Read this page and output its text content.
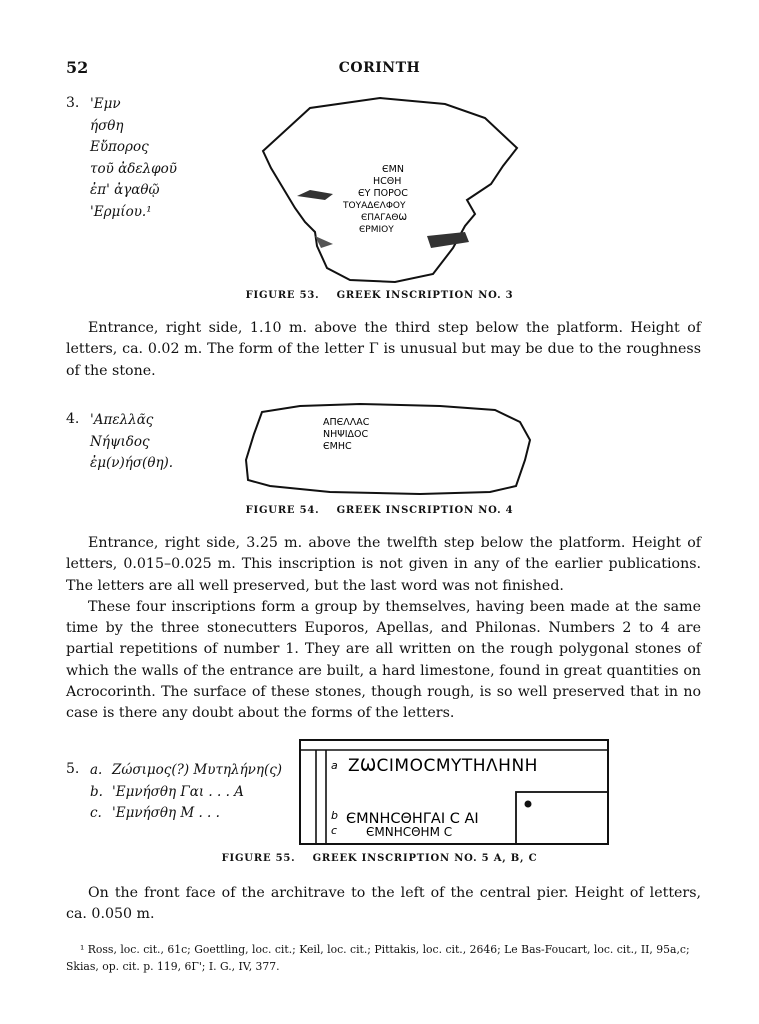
52	CORINTH
3. 'Εμν
ήσθη
Εὔπορος
τοῦ ἀδελφοῦ
ἐπ' ἀγαθῷ
'Ερμίου.¹
ЄΜΝ
ΗϹΘΗ
ЄΥ ΠΟΡΟϹ
ΤΟΥΑΔЄΛΦΟΥ
ЄΠΑΓΑΘѠ
ЄΡΜΙΟΥ
FIGURE 53. GREEK INSCRIPTION NO. 3

Entrance, right side, 1.10 m. above the third step below the platform. Height of letters, ca. 0.02 m. The form of the letter Γ is unusual but may be due to the roughness of the stone.

4. 'Απελλᾶς
Νήψιδος
ἐμ(ν)ήσ(θη).
ΑΠЄΛΛΑϹ
ΝΗΨΙΔΟϹ
ЄΜΗϹ
FIGURE 54. GREEK INSCRIPTION NO. 4

Entrance, right side, 3.25 m. above the twelfth step below the platform. Height of letters, 0.015–0.025 m. This inscription is not given in any of the earlier publications. The letters are all well preserved, but the last word was not finished.

These four inscriptions form a group by themselves, having been made at the same time by the three stonecutters Euporos, Apellas, and Philonas. Numbers 2 to 4 are partial repetitions of number 1. They are all written on the rough polygonal stones of which the walls of the entrance are built, a hard limestone, found in great quantities on Acrocorinth. The surface of these stones, though rough, is so well preserved that in no case is there any doubt about the forms of the letters.

5. a. Ζώσιμος(?) Μυτηλήνη(ς)
b. 'Εμνήσθη Γαι . . . Α
c. 'Εμνήσθη Μ . . .
a ΖѠϹΙΜΟϹΜΥΤΗΛΗΝΗ
b ЄΜΝΗϹΘΗΓΑΙ Ϲ ΑΙ
c ЄΜΝΗϹΘΗΜ Ϲ
FIGURE 55. GREEK INSCRIPTION NO. 5 A, B, C

On the front face of the architrave to the left of the central pier. Height of letters, ca. 0.050 m.

¹ Ross, loc. cit., 61c; Goettling, loc. cit.; Keil, loc. cit.; Pittakis, loc. cit., 2646; Le Bas-Foucart, loc. cit., II, 95a,c; Skias, op. cit. p. 119, 6Γ'; I. G., IV, 377.
